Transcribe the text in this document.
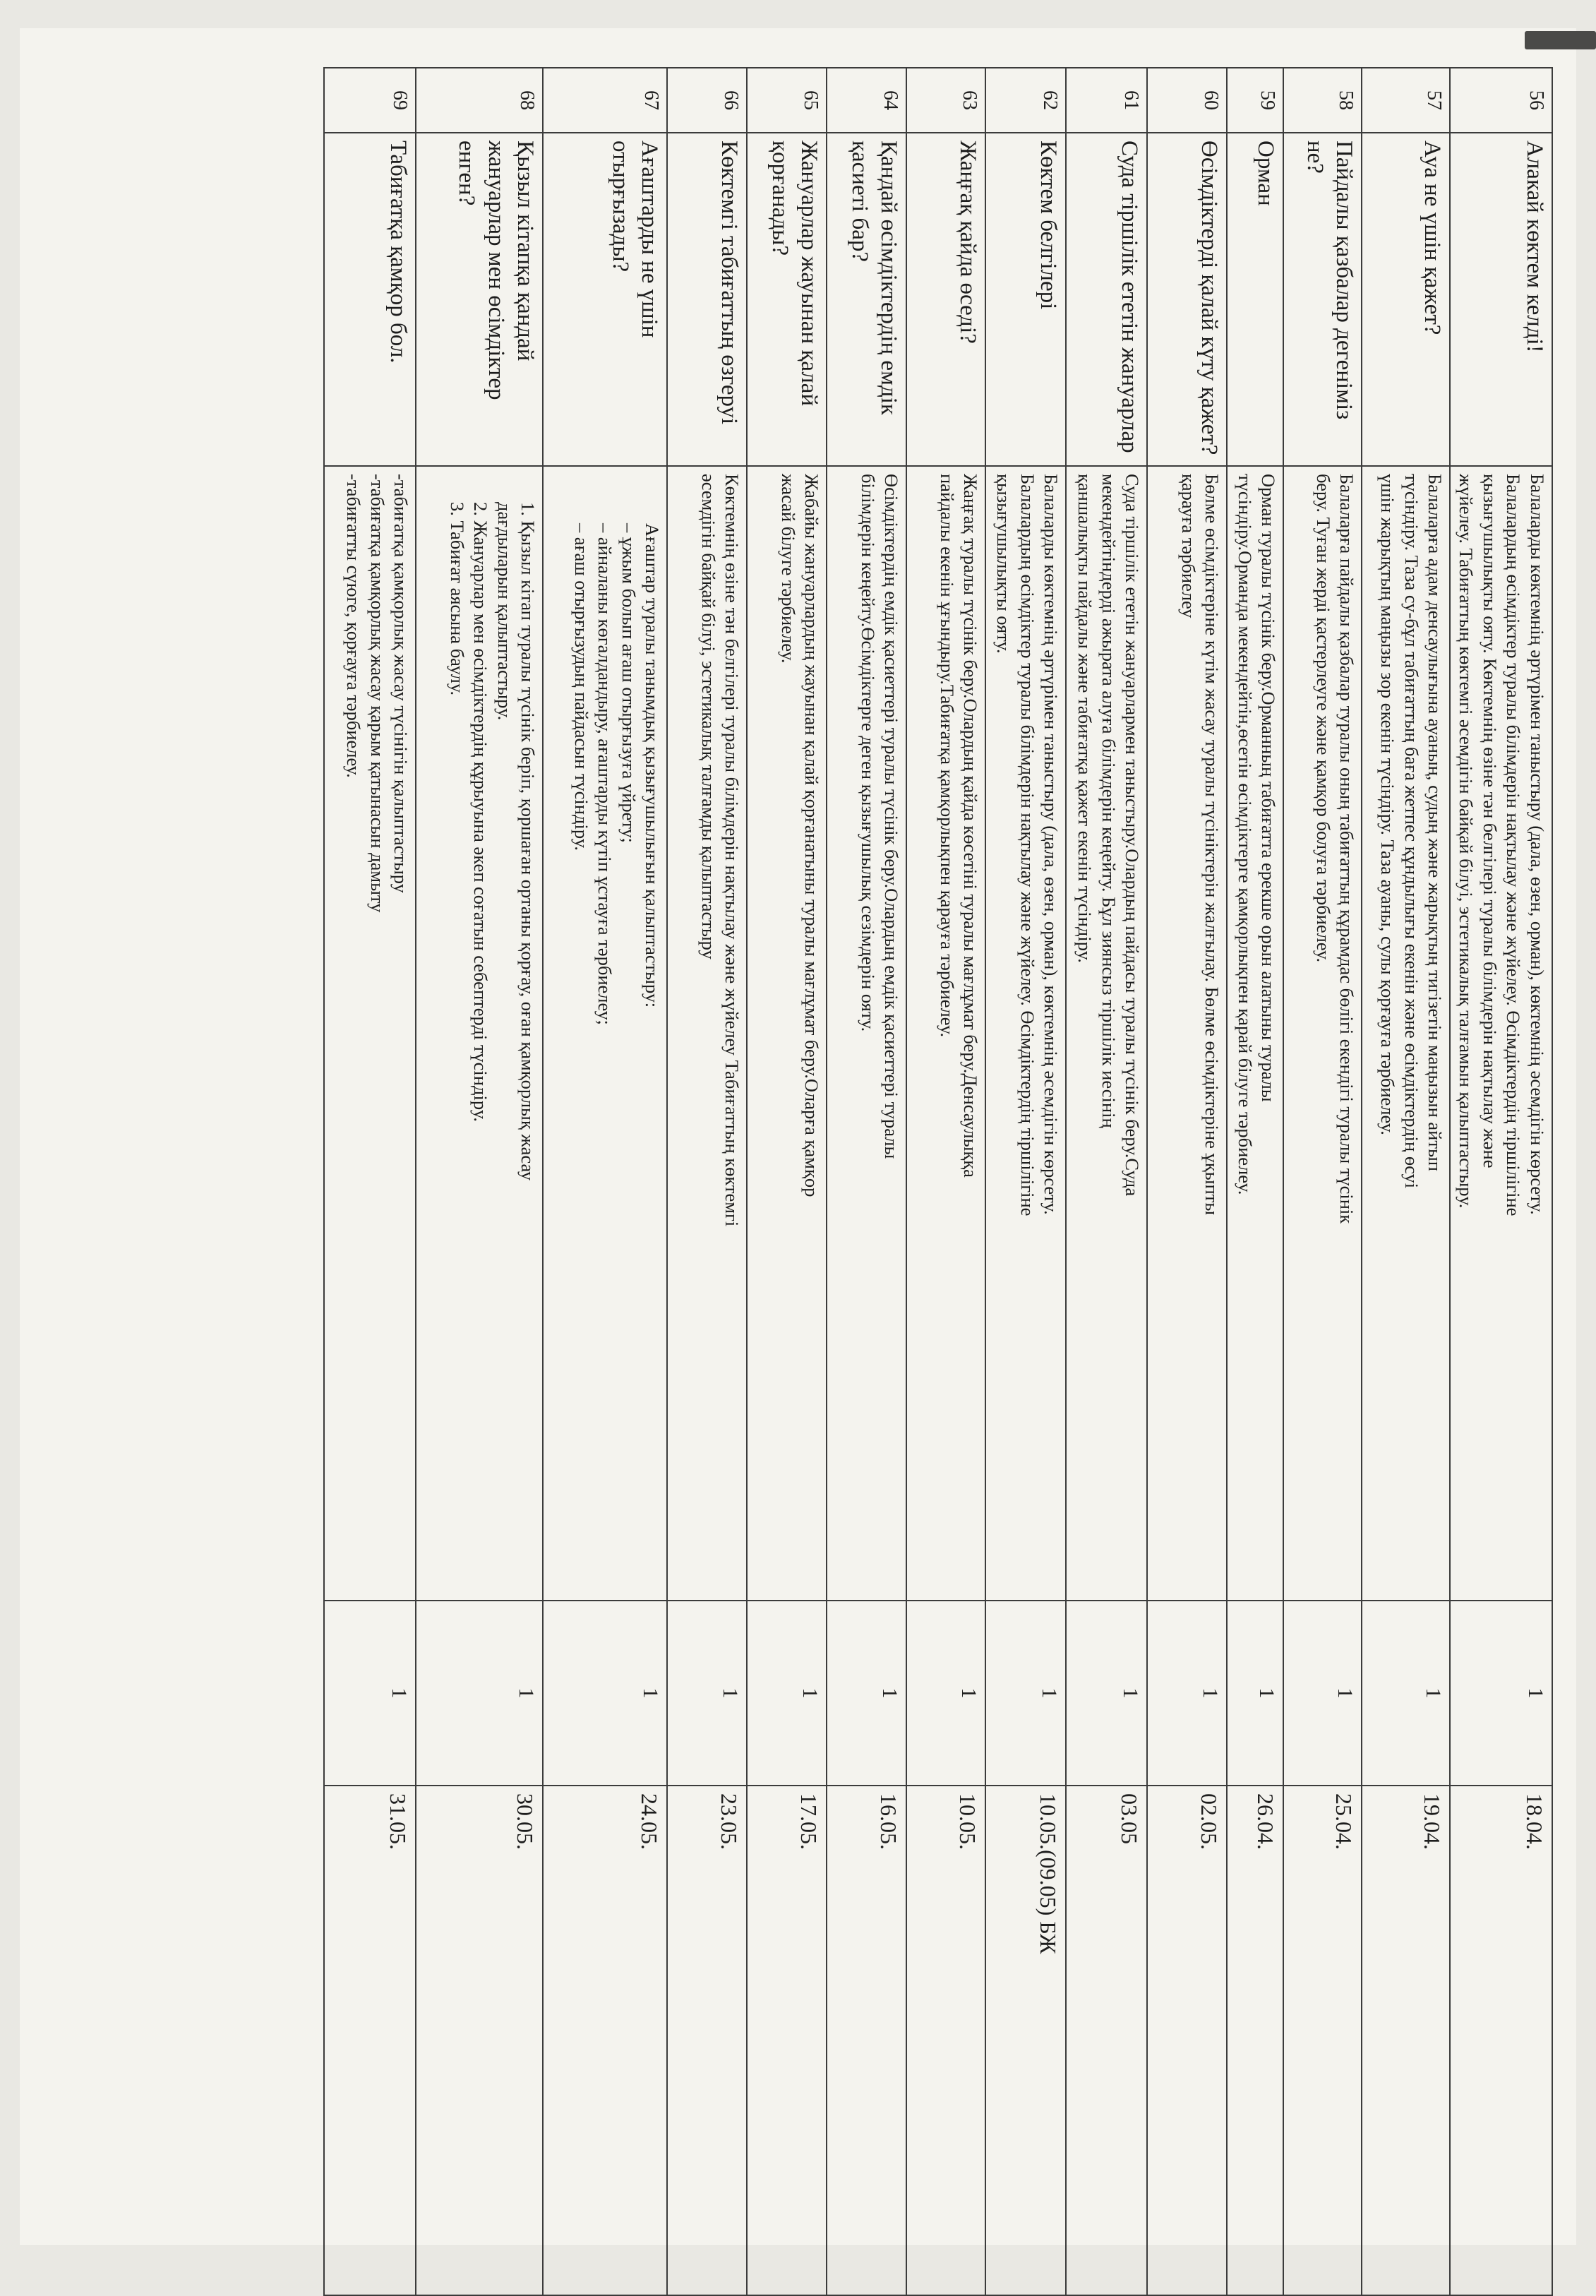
56	Алакай көктем келді!	Балаларды көктемнің әртүрімен таныстыру (дала, өзен, орман), көктемнің әсемдігін көрсету.
Балалардың өсімдіктер туралы білімдерін нақтылау және жүйелеу. Өсімдіктердің тіршілігіне
қызығушылықты ояту. Көктемнің өзіне тән белгілері туралы білімдерін нақтылау және
жүйелеу. Табиғаттың көктемгі әсемдігін байқай білуі, эстетикалық талғамын қалыптастыру.	1	18.04.
57	Ауа не үшін қажет?	Балаларға адам денсаулығына ауаның, судың және жарықтың тигізетін маңызын айтып
түсіндіру. Таза су-бұл табиғаттың баға жетпес құндылығы екенін және өсімдіктердің өсуі
үшін жарықтың маңызы зор екенін түсіндіру. Таза ауаны, сулы қорғауға тәрбиелеу.	1	19.04.
58	Пайдалы қазбалар дегеніміз не?	Балаларға пайдалы қазбалар туралы оның табиғаттың құрамдас бөлігі екендігі туралы түсінік
беру. Туған жерді қастерлеуге және қамқор болуға тәрбиелеу.	1	25.04.
59	Орман	Орман туралы түсінік беру.Орманның табиғатта ерекше орын алатыны туралы
түсіндіру.Орманда мекендейтін,өсетін өсімдіктерге қамқорлықпен қарай білуге тәрбиелеу.	1	26.04.
60	Өсімдіктерді қалай күту қажет?	Бөлме өсімдіктеріне күтім жасау туралы түсініктерін жалғылау. Бөлме өсімдіктеріне ұқыпты
қарауға тәрбиелеу	1	02.05.
61	Суда тіршілік ететін жануарлар	Суда тіршілік ететін жануарлармен таныстыру.Олардың пайдасы туралы түсінік беру.Суда
мекендейтіндерді ажырата алуға білімдерін кеңейту. Бұл зиянсыз тіршілік иесінің
қаншалықты пайдалы және табиғатқа қажет екенін түсіндіру.	1	03.05
62	Көктем белгілері	Балаларды көктемнің әртүрімен таныстыру (дала, өзен, орман), көктемнің әсемдігін көрсету.
Балалардың өсімдіктер туралы білімдерін нақтылау және жүйелеу. Өсімдіктердің тіршілігіне
қызығушылықты ояту.	1	10.05.(09.05) БЖ
63	Жаңғақ қайда өседі?	Жаңғақ туралы түсінік беру.Олардың қайда көсетіні туралы мағлұмат беру.Денсаулыққа
пайдалы екенін ұғындыру.Табиғатқа қамқорлықпен қарауға тәрбиелеу.	1	10.05.
64	Қандай өсімдіктердің емдік қасиеті бар?	Өсімдіктердің емдік қасиеттері туралы түсінік беру.Олардың емдік қасиеттері туралы
білімдерін кеңейту.Өсімдіктерге деген қызығушылық сезімдерін ояту.	1	16.05.
65	Жануарлар жауынан қалай қорғанады?	Жабайы жануарлардың жауынан қалай қорғанатыны туралы мағлұмат беру.Оларға қамқор
жасай білуге тәрбиелеу.	1	17.05.
66	Көктемгі табиғаттың өзгеруі	Көктемнің өзіне тән белгілері туралы білімдерін нақтылау және жүйелеу Табиғаттың көктемгі
әсемдігін байқай білуі, эстетикалық талғамды қалыптастыру	1	23.05.
67	Ағаштарды не үшін отырғызады?	Ағаштар туралы танымдық қызығушылығын қалыптастыру:
– ұжым болып ағаш отырғызуға үйрету;
– айналаны көгалдандыру, ағаштарды күтіп ұстауға тәрбиелеу;
– ағаш отырғызудың пайдасын түсіндіру.	1	24.05.
68	Қызыл кітапқа қандай жануарлар мен өсімдіктер енген?	1. Қызыл кітап туралы түсінік беріп, қоршаған ортаны қорғау, оған қамқорлық жасау
дағдыларын қалыптастыру.
2. Жануарлар мен өсімдіктердің құрыуына әкеп соғатын себептерді түсіндіру.
3. Табиғат аясына баулу.	1	30.05.
69	Табиғатқа қамқор бол.	-табиғатқа қамқорлық жасау түсінігін қалыптастыру
-табиғатқа қамқорлық жасау қарым қатынасын дамыту
-табиғатты сүюге, қорғауға тәрбиелеу.	1	31.05.
